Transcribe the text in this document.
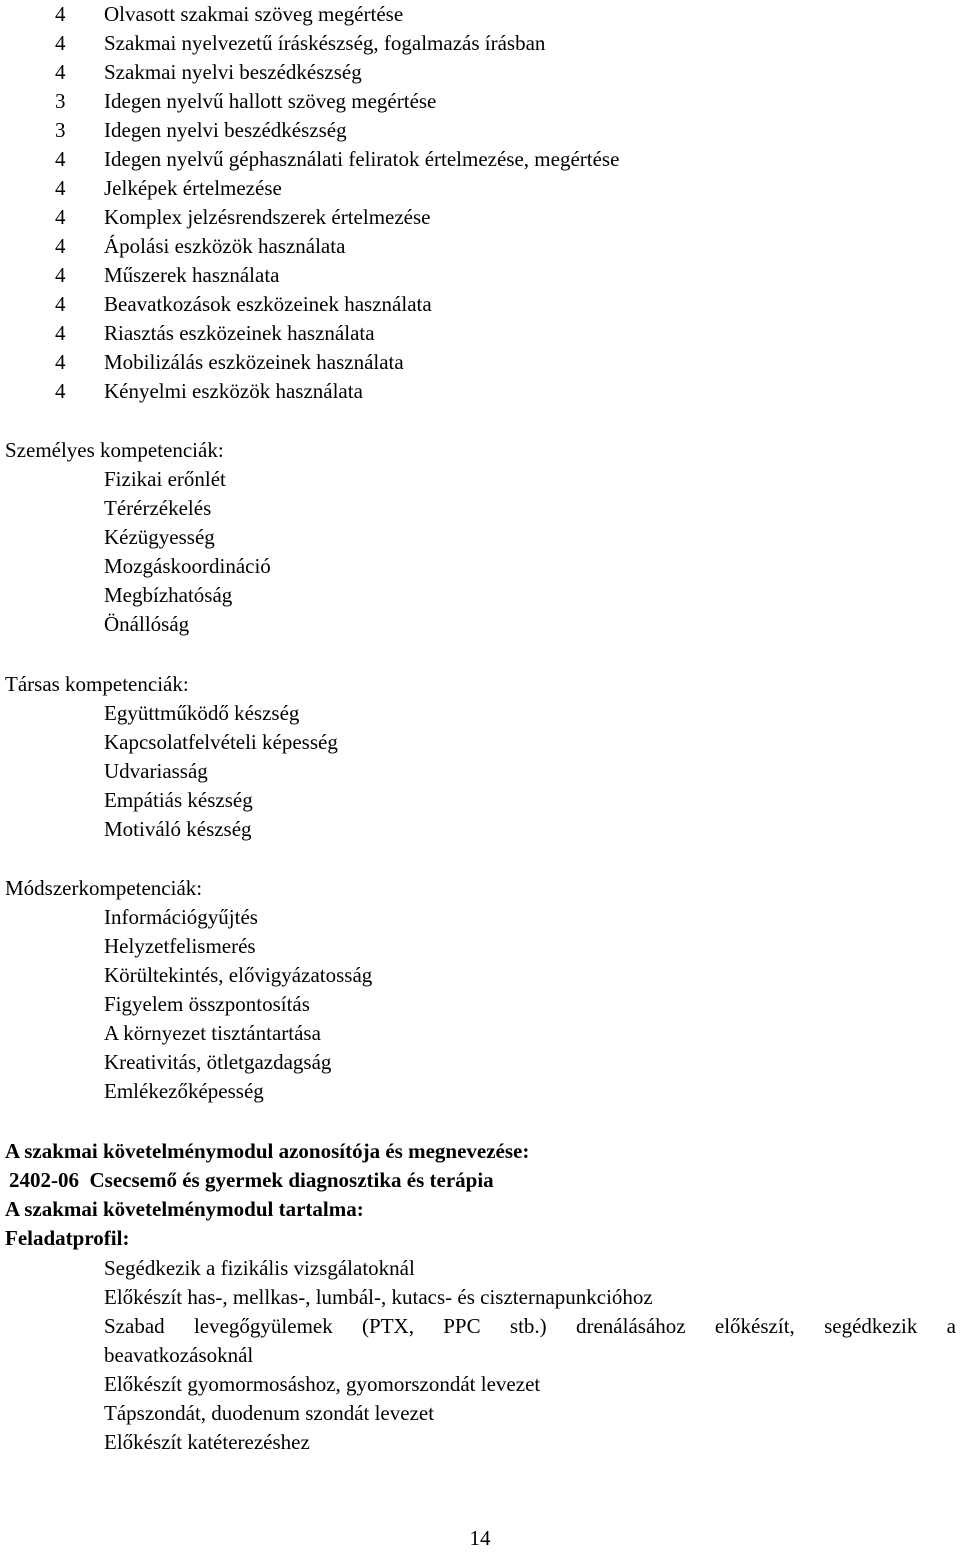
4 Olvasott szakmai szöveg megértése
4 Szakmai nyelvezetű íráskészség, fogalmazás írásban
4 Szakmai nyelvi beszédkészség
3 Idegen nyelvű hallott szöveg megértése
3 Idegen nyelvi beszédkészség
4 Idegen nyelvű géphasználati feliratok értelmezése, megértése
4 Jelképek értelmezése
4 Komplex jelzésrendszerek értelmezése
4 Ápolási eszközök használata
4 Műszerek használata
4 Beavatkozások eszközeinek használata
4 Riasztás eszközeinek használata
4 Mobilizálás eszközeinek használata
4 Kényelmi eszközök használata
Személyes kompetenciák:
Fizikai erőnlét
Térérzékelés
Kézügyesség
Mozgáskoordináció
Megbízhatóság
Önállóság
Társas kompetenciák:
Együttműködő készség
Kapcsolatfelvételi képesség
Udvariasság
Empátiás készség
Motiváló készség
Módszerkompetenciák:
Információgyűjtés
Helyzetfelismerés
Körültekintés, elővigyázatosság
Figyelem összpontosítás
A környezet tisztántartása
Kreativitás, ötletgazdagság
Emlékezőképesség
A szakmai követelménymodul azonosítója és megnevezése:
2402-06  Csecsemő és gyermek diagnosztika és terápia
A szakmai követelménymodul tartalma:
Feladatprofil:
Segédkezik a fizikális vizsgálatoknál
Előkészít has-, mellkas-, lumbál-, kutacs- és ciszternapunkcióhoz
Szabad levegőgyülemek (PTX, PPC stb.) drenálásához előkészít, segédkezik a
beavatkozásoknál
Előkészít gyomormosáshoz, gyomorszondát levezet
Tápszondát, duodenum szondát levezet
Előkészít katéterezéshez
14
